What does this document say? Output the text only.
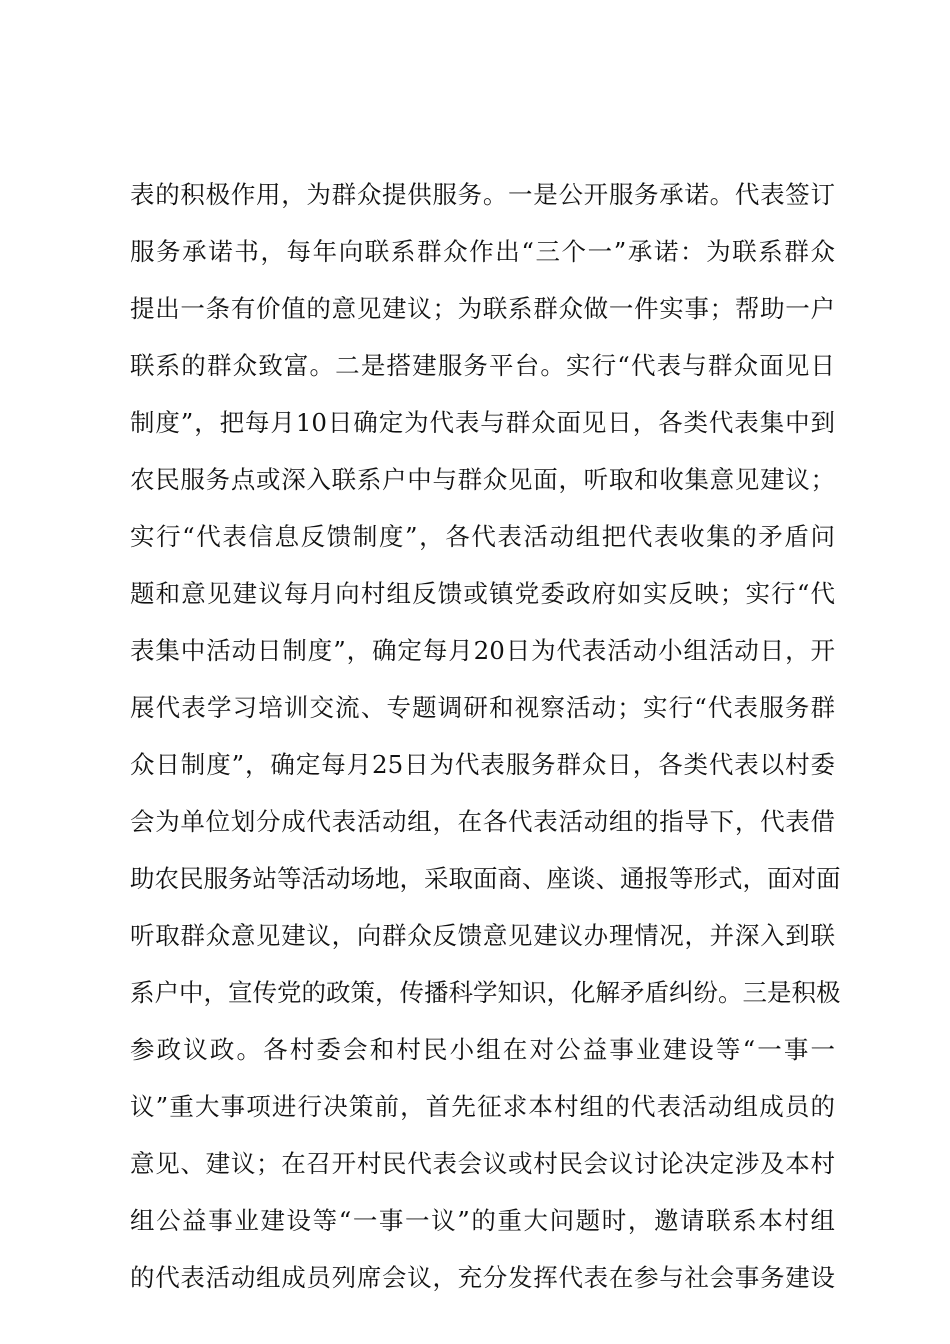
表的积极作用，为群众提供服务。一是公开服务承诺。代表签订
服务承诺书，每年向联系群众作出“三个一”承诺：为联系群众
提出一条有价值的意见建议；为联系群众做一件实事；帮助一户
联系的群众致富。二是搭建服务平台。实行“代表与群众面见日
制度”，把每月10日确定为代表与群众面见日，各类代表集中到
农民服务点或深入联系户中与群众见面，听取和收集意见建议；
实行“代表信息反馈制度”，各代表活动组把代表收集的矛盾问
题和意见建议每月向村组反馈或镇党委政府如实反映；实行“代
表集中活动日制度”，确定每月20日为代表活动小组活动日，开
展代表学习培训交流、专题调研和视察活动；实行“代表服务群
众日制度”，确定每月25日为代表服务群众日，各类代表以村委
会为单位划分成代表活动组，在各代表活动组的指导下，代表借
助农民服务站等活动场地，采取面商、座谈、通报等形式，面对面
听取群众意见建议，向群众反馈意见建议办理情况，并深入到联
系户中，宣传党的政策，传播科学知识，化解矛盾纠纷。三是积极
参政议政。各村委会和村民小组在对公益事业建设等“一事一
议”重大事项进行决策前，首先征求本村组的代表活动组成员的
意见、建议；在召开村民代表会议或村民会议讨论决定涉及本村
组公益事业建设等“一事一议”的重大问题时，邀请联系本村组
的代表活动组成员列席会议，充分发挥代表在参与社会事务建设
